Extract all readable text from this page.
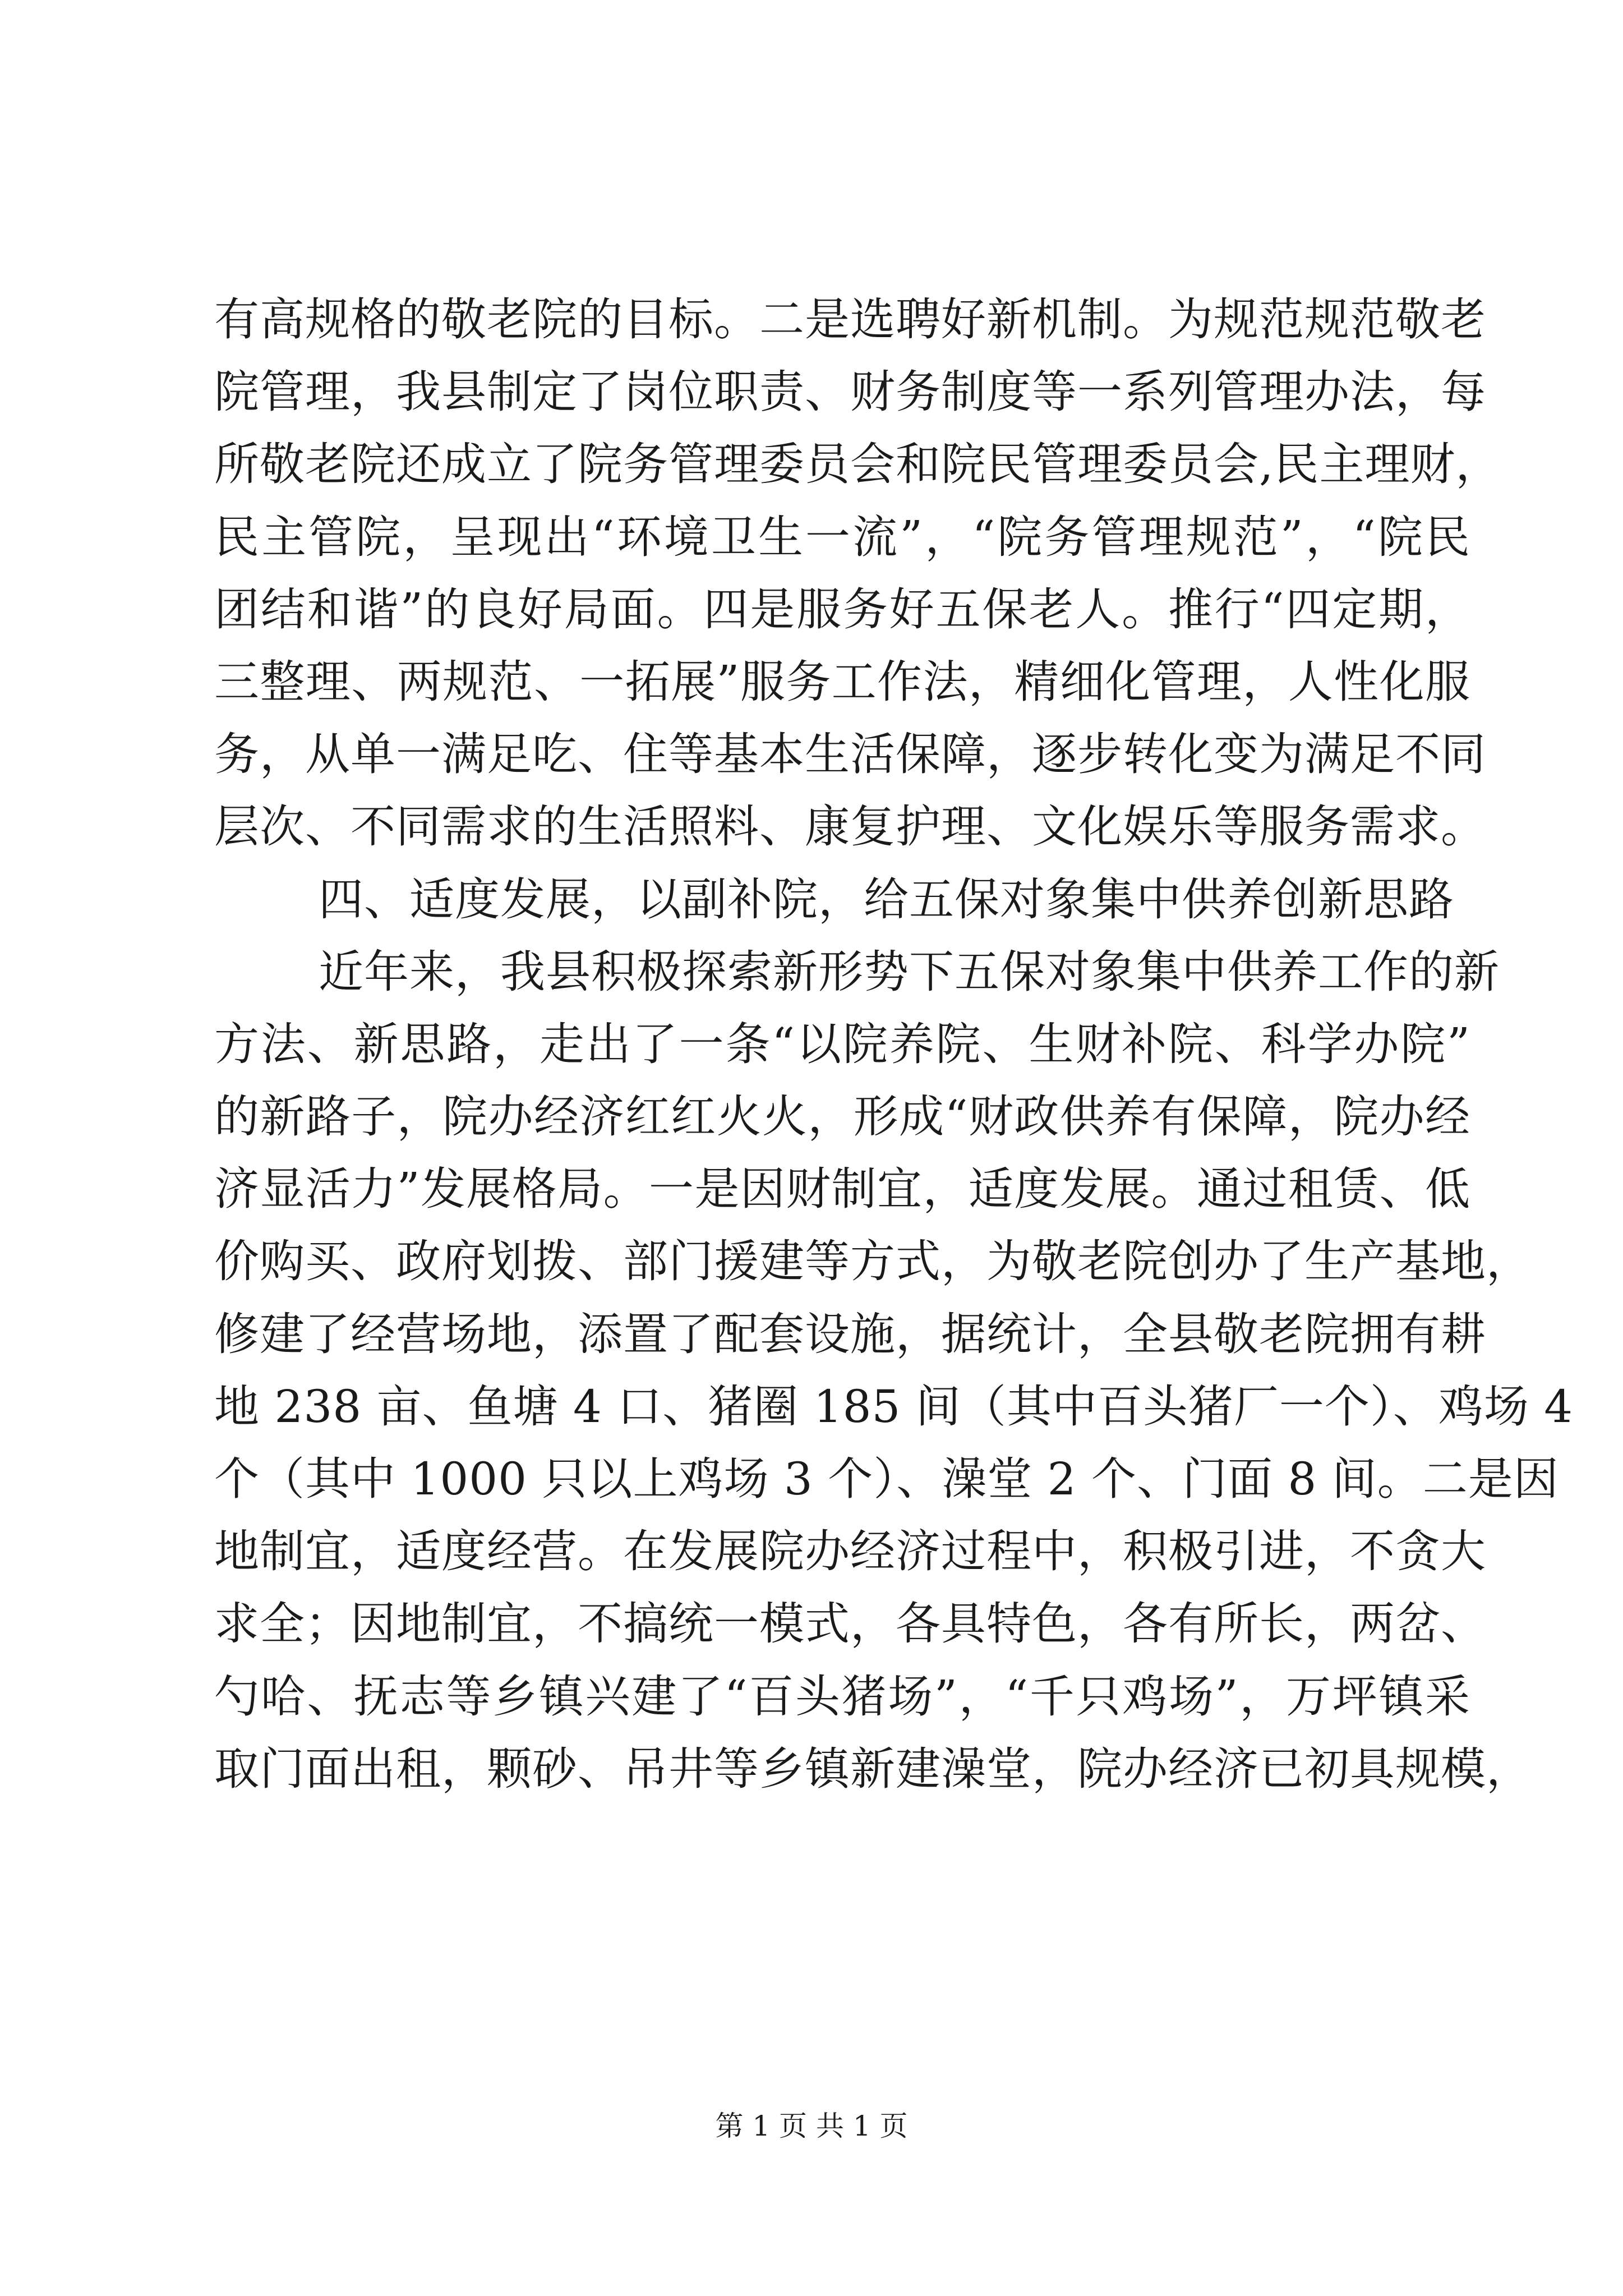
有高规格的敬老院的目标。二是选聘好新机制。为规范规范敬老
院管理，我县制定了岗位职责、财务制度等一系列管理办法，每
所敬老院还成立了院务管理委员会和院民管理委员会,民主理财，
民主管院，呈现出“环境卫生一流”，“院务管理规范”，“院民
团结和谐”的良好局面。四是服务好五保老人。推行“四定期，
三整理、两规范、一拓展”服务工作法，精细化管理，人性化服
务，从单一满足吃、住等基本生活保障，逐步转化变为满足不同
层次、不同需求的生活照料、康复护理、文化娱乐等服务需求。
四、适度发展，以副补院，给五保对象集中供养创新思路
近年来，我县积极探索新形势下五保对象集中供养工作的新
方法、新思路，走出了一条“以院养院、生财补院、科学办院”
的新路子，院办经济红红火火，形成“财政供养有保障，院办经
济显活力”发展格局。一是因财制宜，适度发展。通过租赁、低
价购买、政府划拨、部门援建等方式，为敬老院创办了生产基地，
修建了经营场地，添置了配套设施，据统计，全县敬老院拥有耕
地 238 亩、鱼塘 4 口、猪圈 185 间（其中百头猪厂一个）、鸡场 4
个（其中 1000 只以上鸡场 3 个）、澡堂 2 个、门面 8 间。二是因
地制宜，适度经营。在发展院办经济过程中，积极引进，不贪大
求全；因地制宜，不搞统一模式，各具特色，各有所长，两岔、
勺哈、抚志等乡镇兴建了“百头猪场”，“千只鸡场”，万坪镇采
取门面出租，颗砂、吊井等乡镇新建澡堂，院办经济已初具规模，
第 1 页 共 1 页
